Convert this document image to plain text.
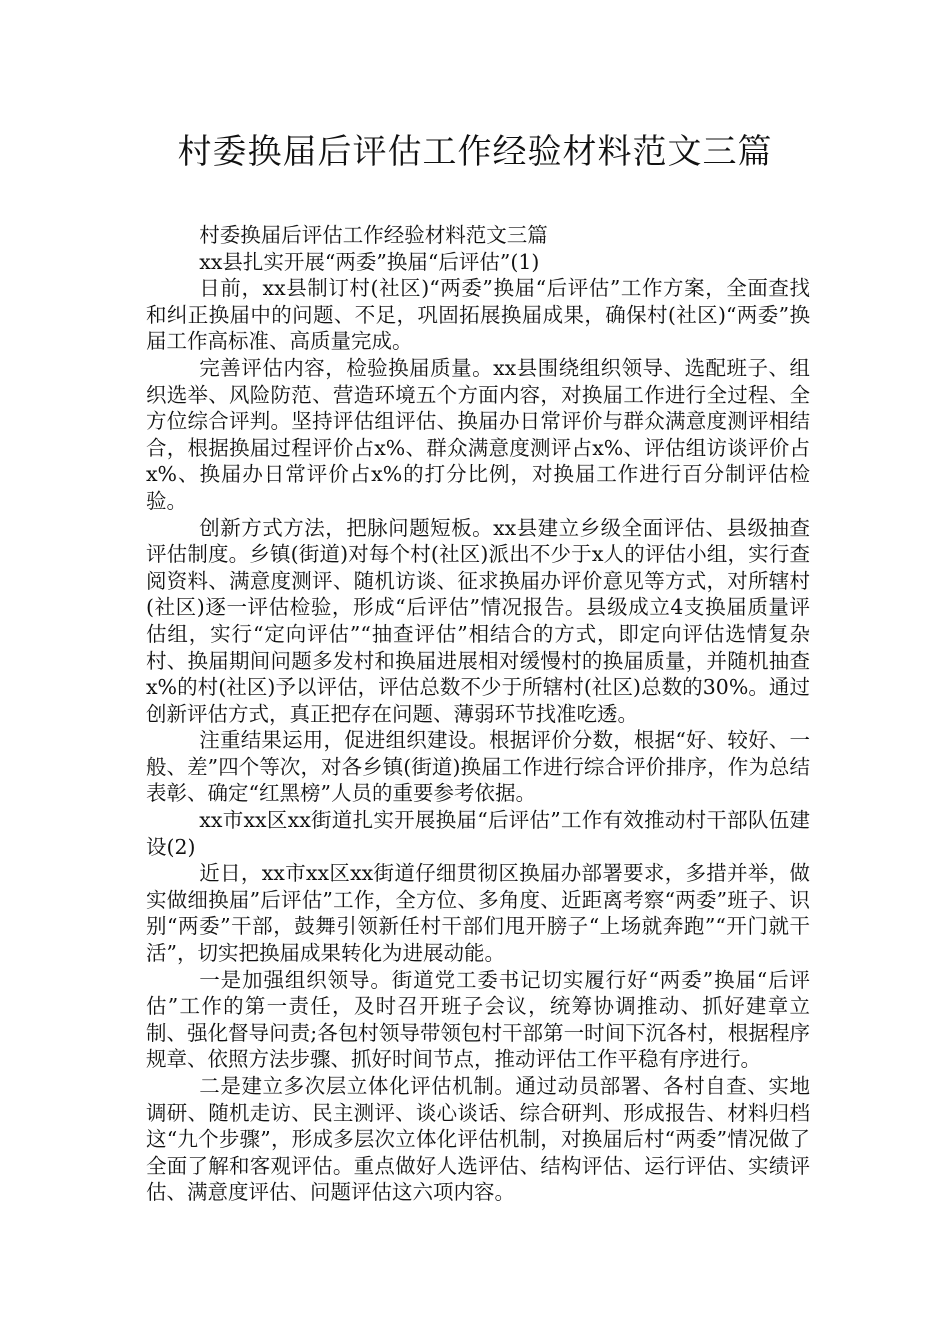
村委换届后评估工作经验材料范文三篇

村委换届后评估工作经验材料范文三篇

xx县扎实开展“两委”换届“后评估”(1)

日前，xx县制订村(社区)“两委”换届“后评估”工作方案，全面查找和纠正换届中的问题、不足，巩固拓展换届成果，确保村(社区)“两委”换届工作高标准、高质量完成。

完善评估内容，检验换届质量。xx县围绕组织领导、选配班子、组织选举、风险防范、营造环境五个方面内容，对换届工作进行全过程、全方位综合评判。坚持评估组评估、换届办日常评价与群众满意度测评相结合，根据换届过程评价占x%、群众满意度测评占x%、评估组访谈评价占x%、换届办日常评价占x%的打分比例，对换届工作进行百分制评估检验。

创新方式方法，把脉问题短板。xx县建立乡级全面评估、县级抽查评估制度。乡镇(街道)对每个村(社区)派出不少于x人的评估小组，实行查阅资料、满意度测评、随机访谈、征求换届办评价意见等方式，对所辖村(社区)逐一评估检验，形成“后评估”情况报告。县级成立4支换届质量评估组，实行“定向评估”“抽查评估”相结合的方式，即定向评估选情复杂村、换届期间问题多发村和换届进展相对缓慢村的换届质量，并随机抽查x%的村(社区)予以评估，评估总数不少于所辖村(社区)总数的30%。通过创新评估方式，真正把存在问题、薄弱环节找准吃透。

注重结果运用，促进组织建设。根据评价分数，根据“好、较好、一般、差”四个等次，对各乡镇(街道)换届工作进行综合评价排序，作为总结表彰、确定“红黑榜”人员的重要参考依据。

xx市xx区xx街道扎实开展换届“后评估”工作有效推动村干部队伍建设(2)

近日，xx市xx区xx街道仔细贯彻区换届办部署要求，多措并举，做实做细换届”后评估”工作，全方位、多角度、近距离考察“两委”班子、识别“两委”干部，鼓舞引领新任村干部们甩开膀子“上场就奔跑”“开门就干活”，切实把换届成果转化为进展动能。

一是加强组织领导。街道党工委书记切实履行好“两委”换届“后评估”工作的第一责任，及时召开班子会议，统筹协调推动、抓好建章立制、强化督导问责;各包村领导带领包村干部第一时间下沉各村，根据程序规章、依照方法步骤、抓好时间节点，推动评估工作平稳有序进行。

二是建立多次层立体化评估机制。通过动员部署、各村自查、实地调研、随机走访、民主测评、谈心谈话、综合研判、形成报告、材料归档这“九个步骤”，形成多层次立体化评估机制，对换届后村“两委”情况做了全面了解和客观评估。重点做好人选评估、结构评估、运行评估、实绩评估、满意度评估、问题评估这六项内容。
